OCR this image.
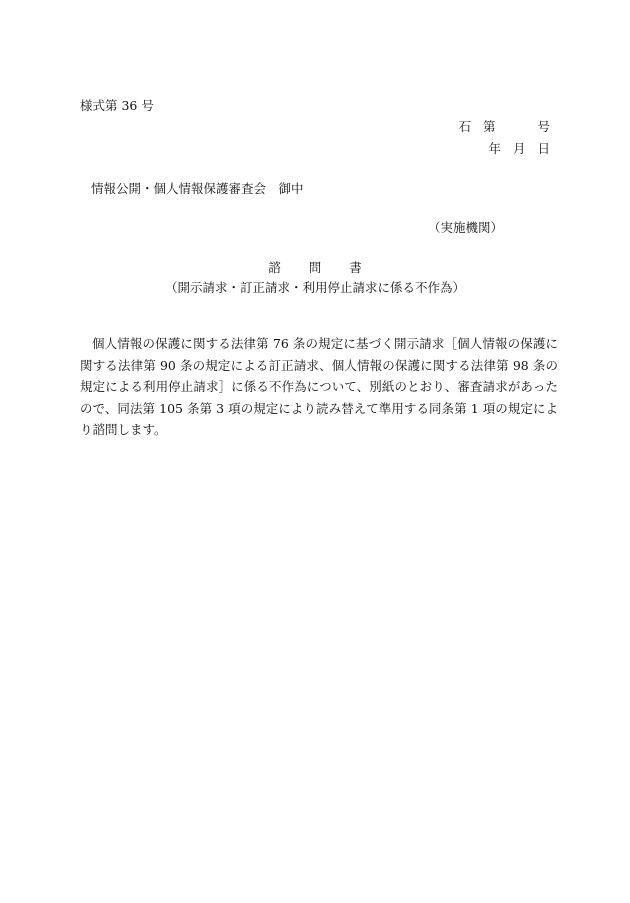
様式第 36 号
石 第	号
年 月 日
情報公開・個人情報保護審査会　御中
（実施機関）
諮 問 書
（開示請求・訂正請求・利用停止請求に係る不作為）

個人情報の保護に関する法律第 76 条の規定に基づく開示請求［個人情報の保護に関する法律第 90 条の規定による訂正請求、個人情報の保護に関する法律第 98 条の規定による利用停止請求］に係る不作為について、別紙のとおり、審査請求があったので、同法第 105 条第 3 項の規定により読み替えて準用する同条第 1 項の規定により諮問します。
